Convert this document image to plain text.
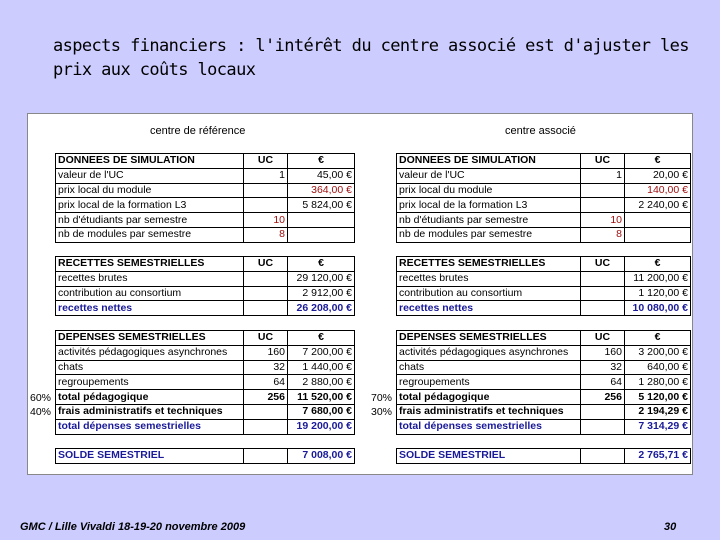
aspects financiers : l'intérêt du centre associé est d'ajuster les prix aux coûts locaux
centre de référence
DONNEES DE SIMULATION	UC	€
valeur de l'UC	1	45,00 €
prix local du module		364,00 €
prix local de la formation L3		5 824,00 €
nb d'étudiants par semestre	10	
nb de modules par semestre	8	
RECETTES SEMESTRIELLES	UC	€
recettes brutes		29 120,00 €
contribution au consortium		2 912,00 €
recettes nettes		26 208,00 €
DEPENSES SEMESTRIELLES	UC	€
activités pédagogiques asynchrones	160	7 200,00 €
chats	32	1 440,00 €
regroupements	64	2 880,00 €
total pédagogique	256	11 520,00 €
frais administratifs et techniques		7 680,00 €
total dépenses semestrielles		19 200,00 €
60%
40%
SOLDE SEMESTRIEL		7 008,00 €
centre associé
DONNEES DE SIMULATION	UC	€
valeur de l'UC	1	20,00 €
prix local du module		140,00 €
prix local de la formation L3		2 240,00 €
nb d'étudiants par semestre	10	
nb de modules par semestre	8	
RECETTES SEMESTRIELLES	UC	€
recettes brutes		11 200,00 €
contribution au consortium		1 120,00 €
recettes nettes		10 080,00 €
DEPENSES SEMESTRIELLES	UC	€
activités pédagogiques asynchrones	160	3 200,00 €
chats	32	640,00 €
regroupements	64	1 280,00 €
total pédagogique	256	5 120,00 €
frais administratifs et techniques		2 194,29 €
total dépenses semestrielles		7 314,29 €
70%
30%
SOLDE SEMESTRIEL		2 765,71 €
GMC / Lille Vivaldi 18-19-20 novembre 2009	30
